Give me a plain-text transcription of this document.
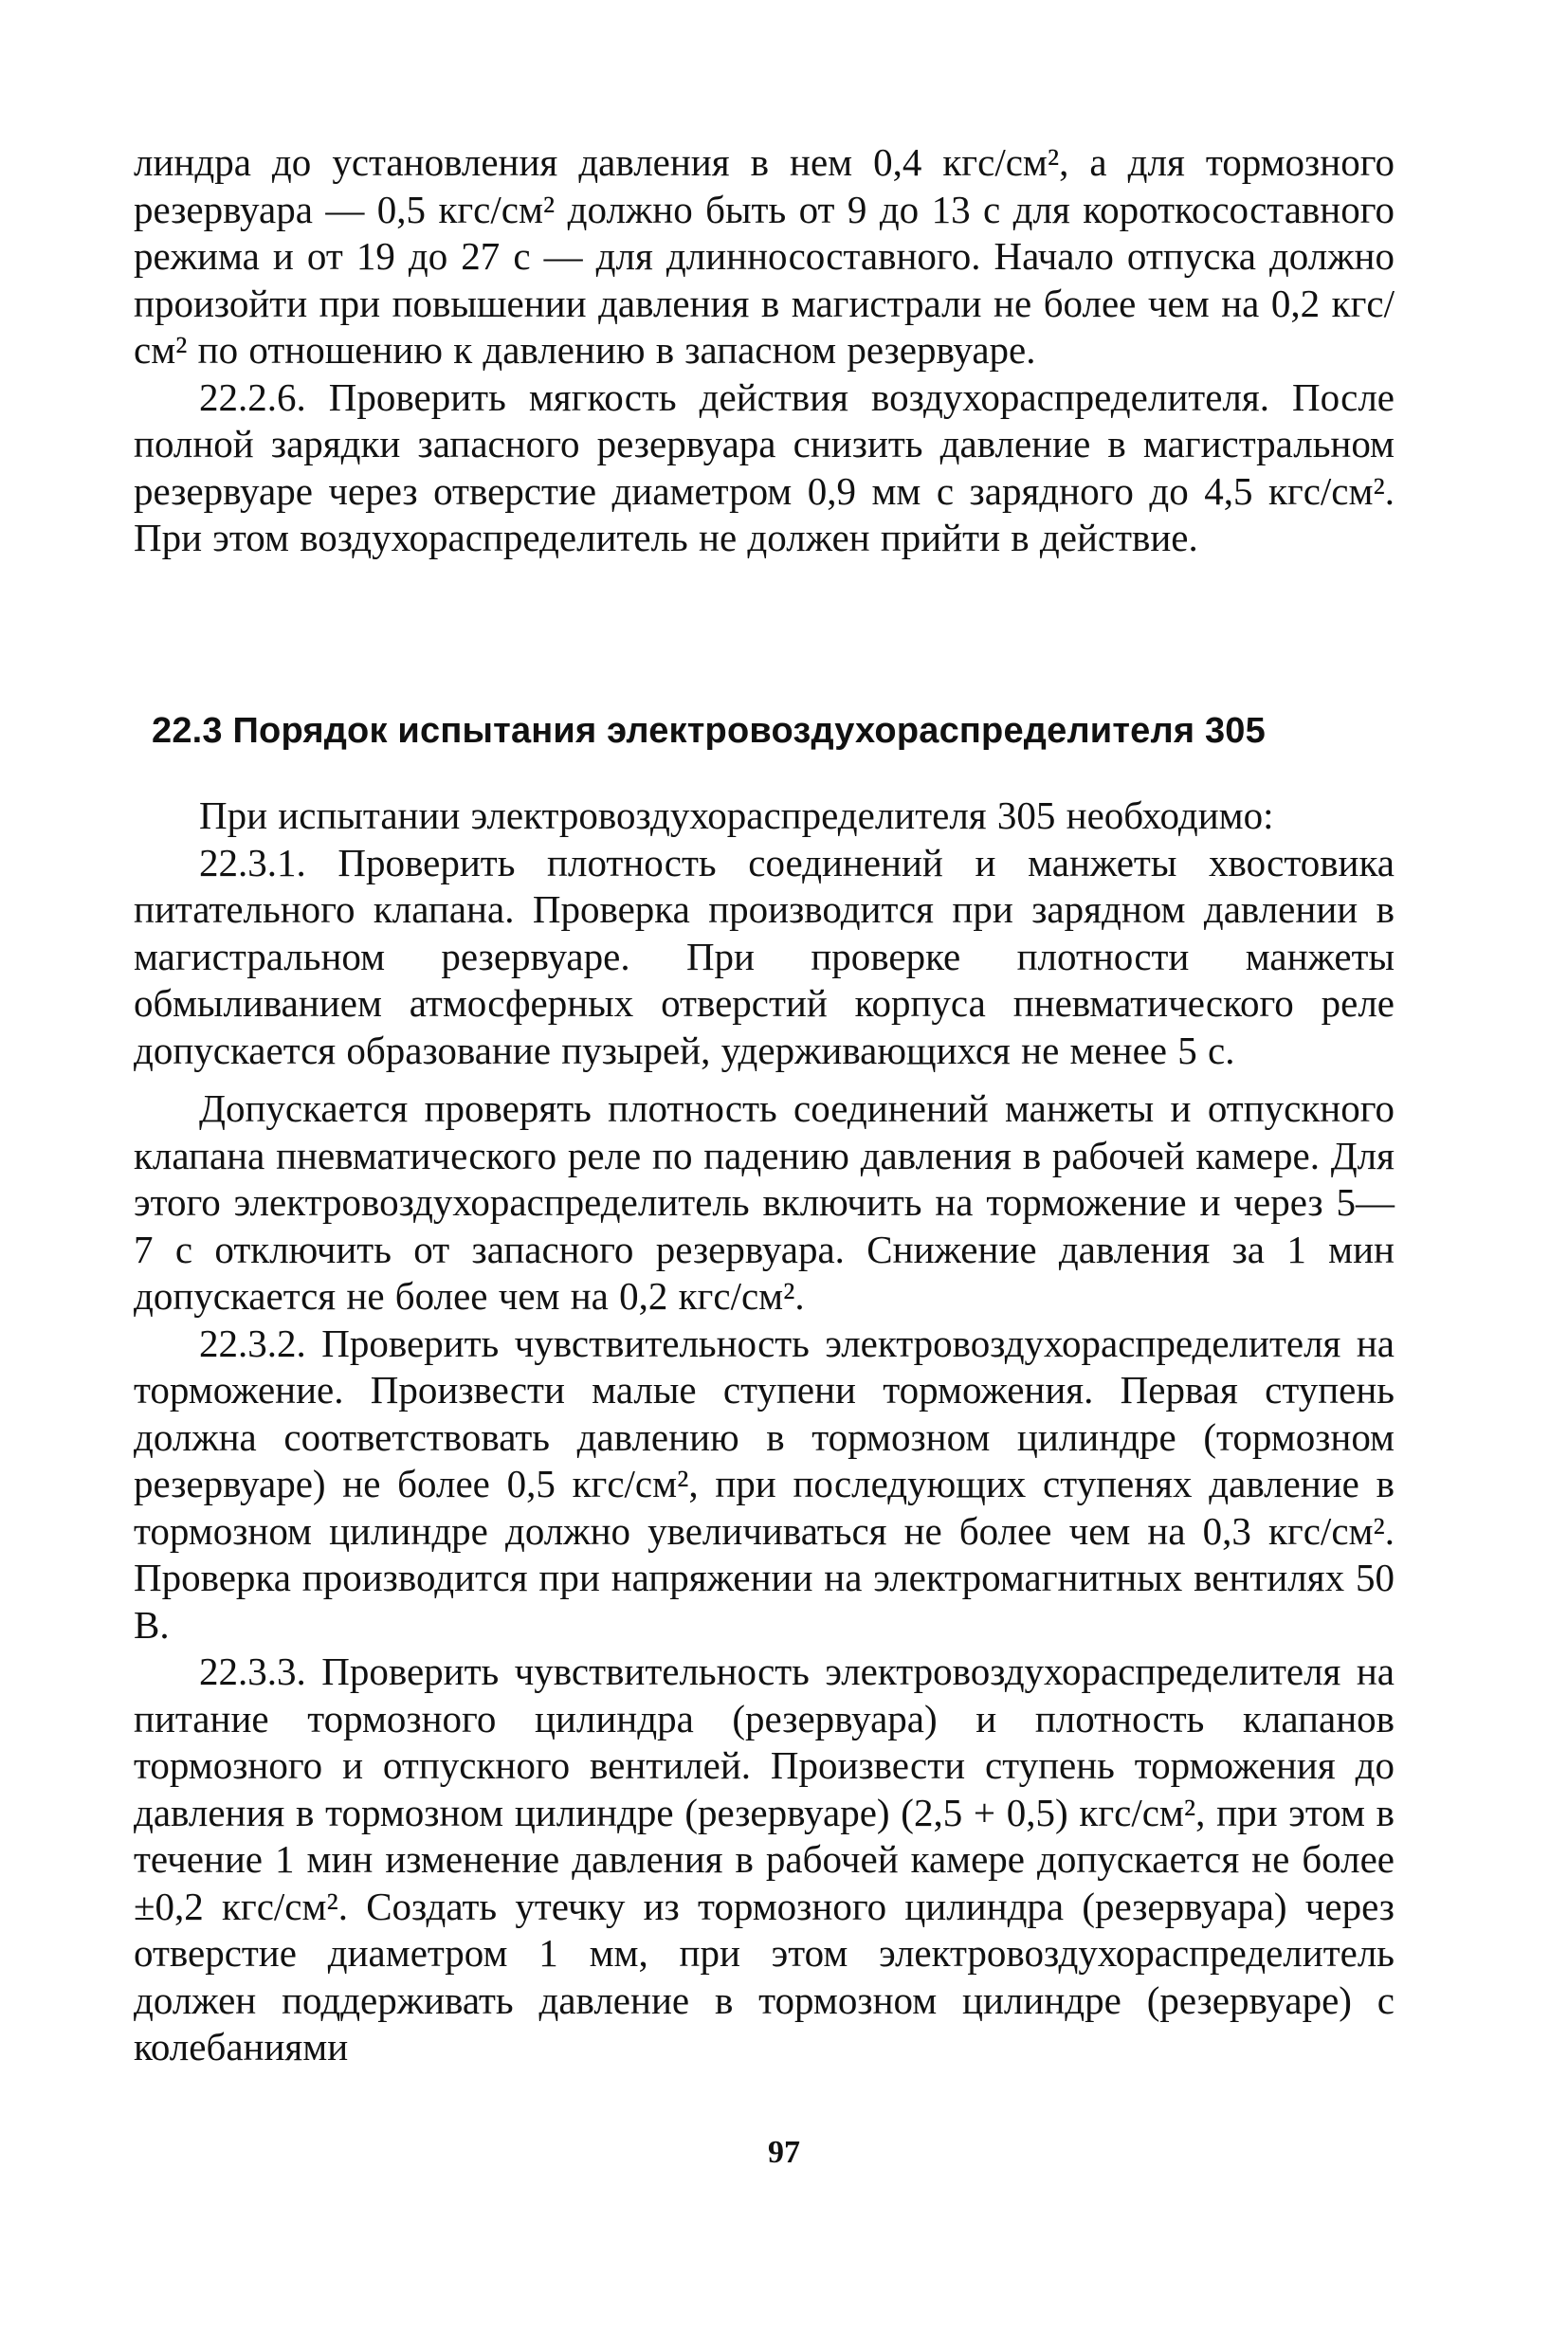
линдра до установления давления в нем 0,4 кгс/см², а для тормозного резервуара — 0,5 кгс/см² должно быть от 9 до 13 с для короткосоставного режима и от 19 до 27 с — для длинносоставного. Начало отпуска должно произойти при повышении давления в магистрали не более чем на 0,2 кгс/см² по отношению к давлению в запасном резервуаре.

22.2.6. Проверить мягкость действия воздухораспределителя. После полной зарядки запасного резервуара снизить давление в магистральном резервуаре через отверстие диаметром 0,9 мм с зарядного до 4,5 кгс/см². При этом воздухораспределитель не должен прийти в действие.

22.3 Порядок испытания электровоздухораспределителя 305

При испытании электровоздухораспределителя 305 необходимо:

22.3.1. Проверить плотность соединений и манжеты хвостовика питательного клапана. Проверка производится при зарядном давлении в магистральном резервуаре. При проверке плотности манжеты обмыливанием атмосферных отверстий корпуса пневматического реле допускается образование пузырей, удерживающихся не менее 5 с.

Допускается проверять плотность соединений манжеты и отпускного клапана пневматического реле по падению давления в рабочей камере. Для этого электровоздухораспределитель включить на торможение и через 5—7 с отключить от запасного резервуара. Снижение давления за 1 мин допускается не более чем на 0,2 кгс/см².

22.3.2. Проверить чувствительность электровоздухораспределителя на торможение. Произвести малые ступени торможения. Первая ступень должна соответствовать давлению в тормозном цилиндре (тормозном резервуаре) не более 0,5 кгс/см², при последующих ступенях давление в тормозном цилиндре должно увеличиваться не более чем на 0,3 кгс/см². Проверка производится при напряжении на электромагнитных вентилях 50 В.

22.3.3. Проверить чувствительность электровоздухораспределителя на питание тормозного цилиндра (резервуара) и плотность клапанов тормозного и отпускного вентилей. Произвести ступень торможения до давления в тормозном цилиндре (резервуаре) (2,5 + 0,5) кгс/см², при этом в течение 1 мин изменение давления в рабочей камере допускается не более ±0,2 кгс/см². Создать утечку из тормозного цилиндра (резервуара) через отверстие диаметром 1 мм, при этом электровоздухораспределитель должен поддерживать давление в тормозном цилиндре (резервуаре) с колебаниями

97
